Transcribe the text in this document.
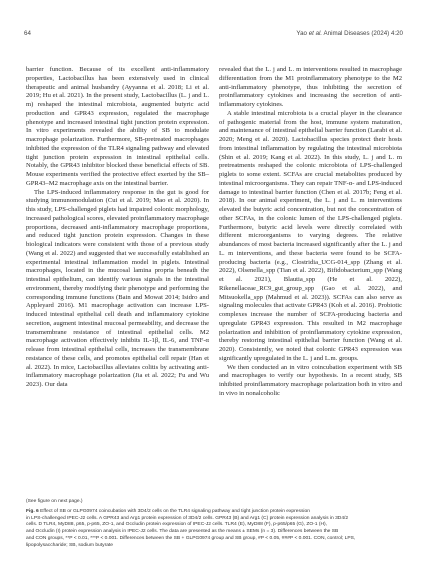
64	Yao et al. Animal Diseases (2024) 4:20

barrier function. Because of its excellent anti-inflammatory properties, Lactobacillus has been extensively used in clinical therapeutic and animal husbandry (Ayyanna et al. 2018; Li et al. 2019; Hu et al. 2021). In the present study, Lactobacillus (L. j and L. m) reshaped the intestinal microbiota, augmented butyric acid production and GPR43 expression, regulated the macrophage phenotype and increased intestinal tight junction protein expression. In vitro experiments revealed the ability of SB to modulate macrophage polarization. Furthermore, SB-pretreated macrophages inhibited the expression of the TLR4 signaling pathway and elevated tight junction protein expression in intestinal epithelial cells. Notably, the GPR43 inhibitor blocked these beneficial effects of SB. Mouse experiments verified the protective effect exerted by the SB–GPR43–M2 macrophage axis on the intestinal barrier.

The LPS-induced inflammatory response in the gut is good for studying immunomodulation (Cui et al. 2019; Mao et al. 2020). In this study, LPS-challenged piglets had impaired colonic morphology, increased pathological scores, elevated proinflammatory macrophage proportions, decreased anti-inflammatory macrophage proportions, and reduced tight junction protein expression. Changes in these biological indicators were consistent with those of a previous study (Wang et al. 2022) and suggested that we successfully established an experimental intestinal inflammation model in piglets. Intestinal macrophages, located in the mucosal lamina propria beneath the intestinal epithelium, can identify various signals in the intestinal environment, thereby modifying their phenotype and performing the corresponding immune functions (Bain and Mowat 2014; Isidro and Appleyard 2016). M1 macrophage activation can increase LPS-induced intestinal epithelial cell death and inflammatory cytokine secretion, augment intestinal mucosal permeability, and decrease the transmembrane resistance of intestinal epithelial cells. M2 macrophage activation effectively inhibits IL-1β, IL-6, and TNF-α release from intestinal epithelial cells, increases the transmembrane resistance of these cells, and promotes epithelial cell repair (Han et al. 2022). In mice, Lactobacillus alleviates colitis by activating anti-inflammatory macrophage polarization (Jia et al. 2022; Fu and Wu 2023). Our data

revealed that the L. j and L. m interventions resulted in macrophage differentiation from the M1 proinflammatory phenotype to the M2 anti-inflammatory phenotype, thus inhibiting the secretion of proinflammatory cytokines and increasing the secretion of anti-inflammatory cytokines.

A stable intestinal microbiota is a crucial player in the clearance of pathogenic material from the host, immune system maturation, and maintenance of intestinal epithelial barrier function (Larabi et al. 2020; Meng et al. 2020). Lactobacillus species protect their hosts from intestinal inflammation by regulating the intestinal microbiota (Shin et al. 2019; Kang et al. 2022). In this study, L. j and L. m pretreatments reshaped the colonic microbiota of LPS-challenged piglets to some extent. SCFAs are crucial metabolites produced by intestinal microorganisms. They can repair TNF-α- and LPS-induced damage to intestinal barrier function (Chen et al. 2017b; Feng et al. 2018). In our animal experiment, the L. j and L. m interventions elevated the butyric acid concentration, but not the concentration of other SCFAs, in the colonic lumen of the LPS-challenged piglets. Furthermore, butyric acid levels were directly correlated with different microorganisms to varying degrees. The relative abundances of most bacteria increased significantly after the L. j and L. m interventions, and these bacteria were found to be SCFA-producing bacteria (e.g., Clostridia_UCG-014_spp (Zhang et al. 2022), Olsenella_spp (Tian et al. 2022), Bifidobacterium_spp (Wang et al. 2021), Blautia_spp (He et al. 2022), Rikenellaceae_RC9_gut_group_spp (Gao et al. 2022), and Mitsuokella_spp (Mahmud et al. 2023)). SCFAs can also serve as signaling molecules that activate GPR43 (Koh et al. 2016). Probiotic complexes increase the number of SCFA-producing bacteria and upregulate GPR43 expression. This resulted in M2 macrophage polarization and inhibition of proinflammatory cytokine expression, thereby restoring intestinal epithelial barrier function (Wang et al. 2020). Consistently, we noted that colonic GPR43 expression was significantly upregulated in the L. j and L.m. groups.

We then conducted an in vitro coincubation experiment with SB and macrophages to verify our hypothesis. In a recent study, SB inhibited proinflammatory macrophage polarization both in vitro and in vivo in nonalcoholic

(See figure on next page.)

Fig. 6 Effect of SB or GLPG0974 coincubation with 3D4/2 cells on the TLR4 signaling pathway and tight junction protein expression

in LPS-challenged IPEC-J2 cells. A GPR43 and Arg1 protein expression of 3D4/2 cells. GPR43 (B) and Arg1 (C) protein expression analysis in 3D4/2

cells. D TLR4, MyD88, p65, p-p65, ZO-1, and Occludin protein expression of IPEC-J2 cells. TLR4 (E), MyD88 (F), p-p65/p65 (G), ZO-1 (H),

and Occludin (I) protein expression analysis in IPEC-J2 cells. The data are presented as the means ± SEMs (n = 3). Differences between the SB

and CON groups, **P < 0.01, ***P < 0.001. Differences between the SB + GLPG0974 group and SB group, #P < 0.05, ###P < 0.001. CON, control; LPS,

lipopolysaccharide; SB, sodium butyrate
